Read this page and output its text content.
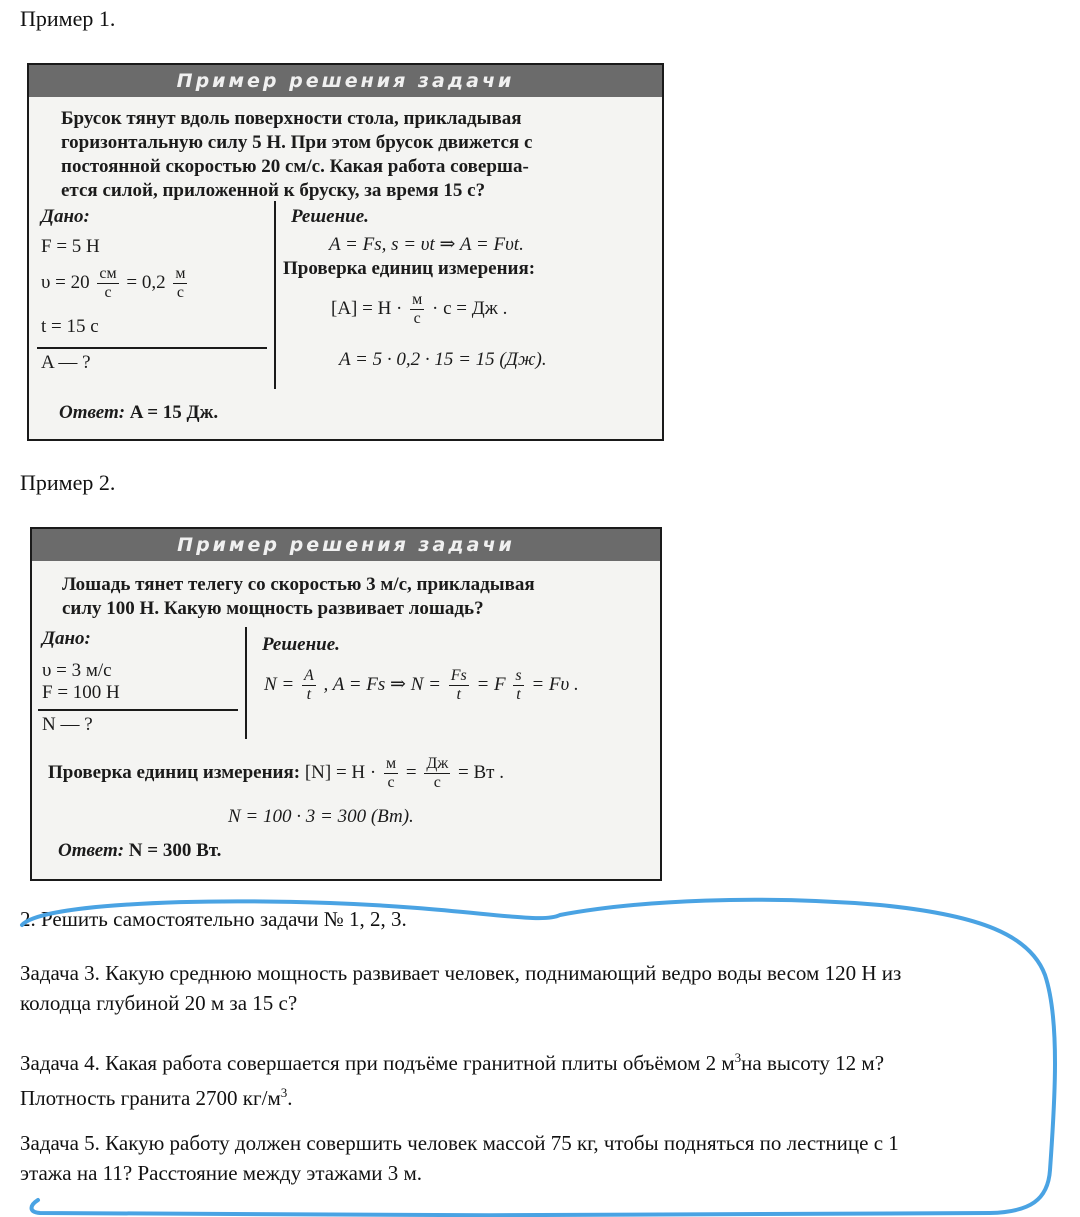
Пример 1.
Пример решения задачи
Брусок тянут вдоль поверхности стола, прикладывая
горизонтальную силу 5 Н. При этом брусок движется с
постоянной скоростью 20 см/с. Какая работа соверша-
ется силой, приложенной к бруску, за время 15 с?
Дано:
F = 5 H
$\upsilon = 20 \frac{см}{с} = 0,2 \frac{м}{с}$
t = 15 с
A — ?
Решение.
A = Fs, s = υt ⇒ A = Fυt.
Проверка единиц измерения:
$[A] = H \cdot \frac{м}{с} \cdot с$ = Дж .
A = 5 · 0,2 · 15 = 15 (Дж).
Ответ: A = 15 Дж.
Пример 2.
Пример решения задачи
Лошадь тянет телегу со скоростью 3 м/с, прикладывая
силу 100 Н. Какую мощность развивает лошадь?
Дано:
υ = 3 м/с
F = 100 H
N — ?
Решение.
$N = \frac{A}{t}$ , A = Fs ⇒ $N = \frac{Fs}{t} = F \frac{s}{t} = F\upsilon$ .
Проверка единиц измерения: $[N] = H \cdot \frac{м}{с} = \frac{Дж}{с}$ = Вт .
N = 100 · 3 = 300 (Вт).
Ответ: N = 300 Вт.
2. Решить самостоятельно задачи № 1, 2, 3.
Задача 3. Какую среднюю мощность развивает человек, поднимающий ведро воды весом 120 Н из
колодца глубиной 20 м за 15 с?
Задача 4. Какая работа совершается при подъёме гранитной плиты объёмом 2 $м^3на$ высоту 12 м?
Плотность гранита 2700 $кг/м^3$.
Задача 5. Какую работу должен совершить человек массой 75 кг, чтобы подняться по лестнице с 1
этажа на 11? Расстояние между этажами 3 м.
